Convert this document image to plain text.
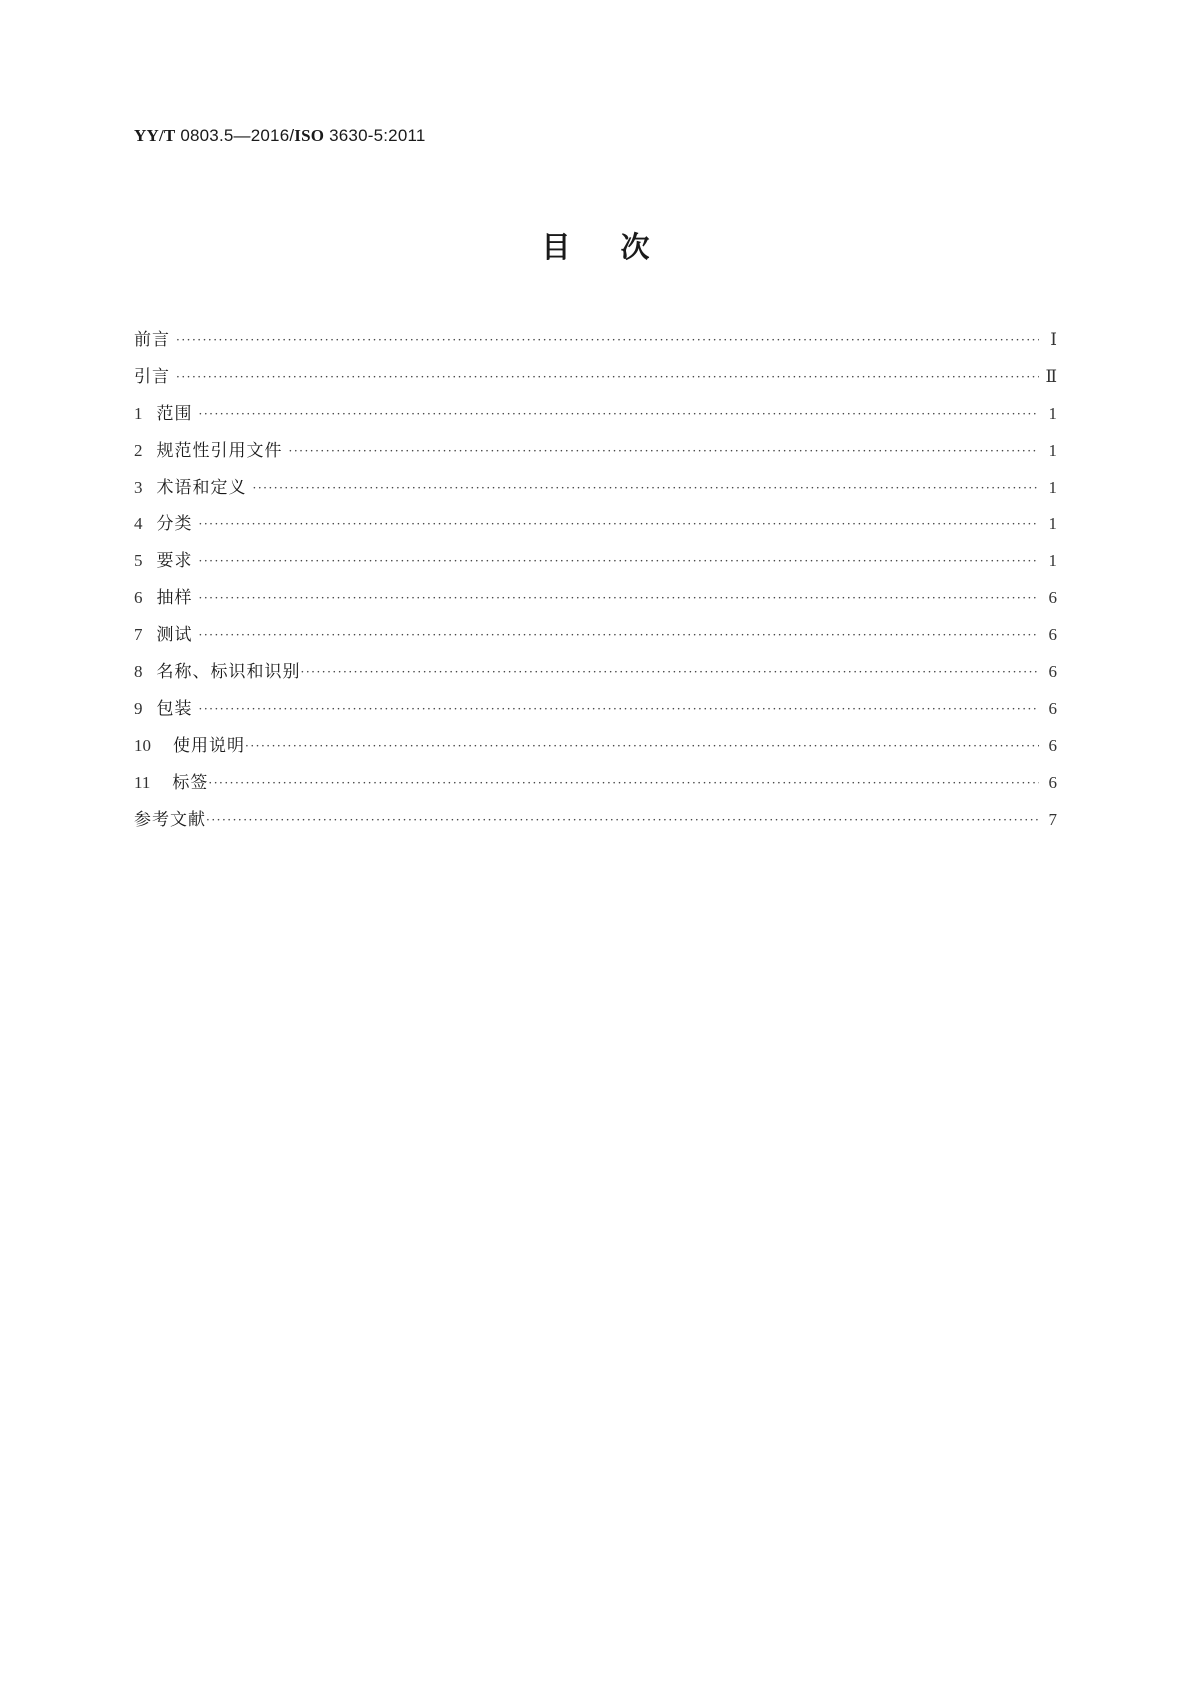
YY/T 0803.5—2016/ISO 3630-5:2011
目次
前言 ·····	Ⅰ
引言 ·····	Ⅱ
1 范围 ·····	1
2 规范性引用文件 ·····	1
3 术语和定义 ·····	1
4 分类 ·····	1
5 要求 ·····	1
6 抽样 ·····	6
7 测试 ·····	6
8 名称、标识和识别 ·····	6
9 包装 ·····	6
10 使用说明 ·····	6
11 标签 ·····	6
参考文献 ·····	7
